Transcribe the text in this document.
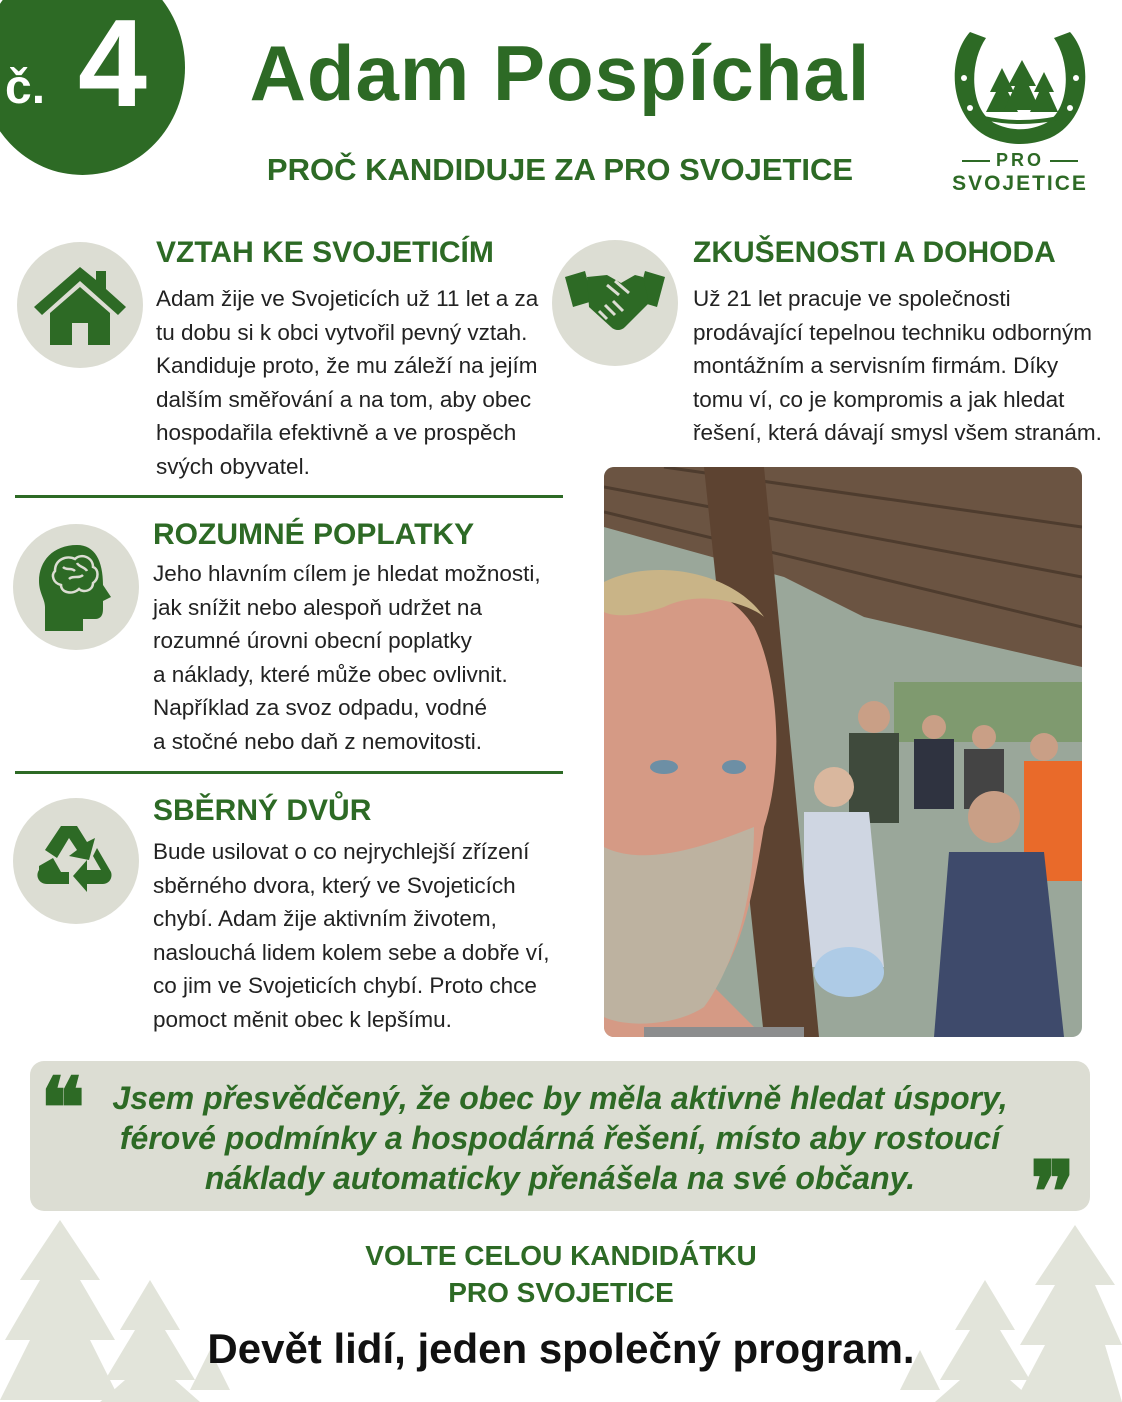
č. 4	Adam Pospíchal
PROČ KANDIDUJE ZA PRO SVOJETICE	PRO
SVOJETICE
VZTAH KE SVOJETICÍM
Adam žije ve Svojeticích už 11 let a za
tu dobu si k obci vytvořil pevný vztah.
Kandiduje proto, že mu záleží na jejím
dalším směřování a na tom, aby obec
hospodařila efektivně a ve prospěch
svých obyvatel.
ZKUŠENOSTI A DOHODA
Už 21 let pracuje ve společnosti
prodávající tepelnou techniku odborným
montážním a servisním firmám. Díky
tomu ví, co je kompromis a jak hledat
řešení, která dávají smysl všem stranám.
ROZUMNÉ POPLATKY
Jeho hlavním cílem je hledat možnosti,
jak snížit nebo alespoň udržet na
rozumné úrovni obecní poplatky
a náklady, které může obec ovlivnit.
Například za svoz odpadu, vodné
a stočné nebo daň z nemovitosti.
SBĚRNÝ DVŮR
Bude usilovat o co nejrychlejší zřízení
sběrného dvora, který ve Svojeticích
chybí. Adam žije aktivním životem,
naslouchá lidem kolem sebe a dobře ví,
co jim ve Svojeticích chybí. Proto chce
pomoct měnit obec k lepšímu.
❝
❞
Jsem přesvědčený, že obec by měla aktivně hledat úspory,
férové podmínky a hospodárná řešení, místo aby rostoucí
náklady automaticky přenášela na své občany.
VOLTE CELOU KANDIDÁTKU
PRO SVOJETICE
Devět lidí, jeden společný program.
